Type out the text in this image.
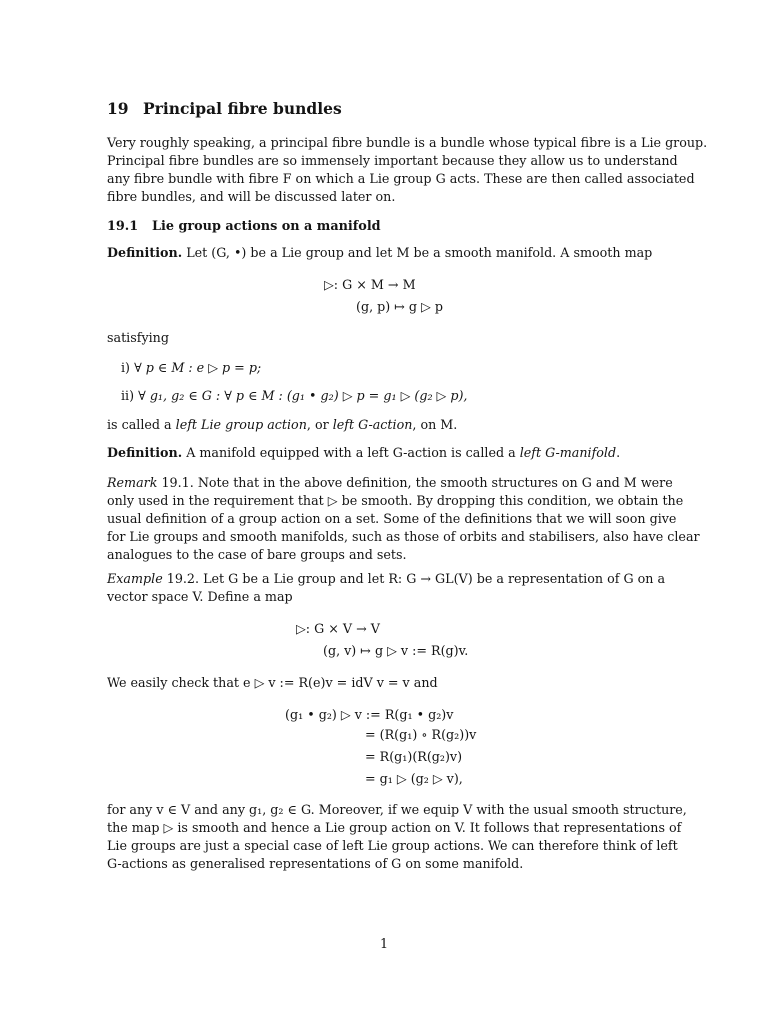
19 Principal fibre bundles
Very roughly speaking, a principal fibre bundle is a bundle whose typical fibre is a Lie group.
Principal fibre bundles are so immensely important because they allow us to understand
any fibre bundle with fibre F on which a Lie group G acts. These are then called associated
fibre bundles, and will be discussed later on.
19.1 Lie group actions on a manifold
Definition. Let (G, •) be a Lie group and let M be a smooth manifold. A smooth map
▷: G × M → M
(g, p) ↦ g ▷ p
satisfying
i) ∀ p ∈ M : e ▷ p = p;
ii) ∀ g₁, g₂ ∈ G : ∀ p ∈ M : (g₁ • g₂) ▷ p = g₁ ▷ (g₂ ▷ p),
is called a left Lie group action, or left G-action, on M.
Definition. A manifold equipped with a left G-action is called a left G-manifold.
Remark 19.1. Note that in the above definition, the smooth structures on G and M were
only used in the requirement that ▷ be smooth. By dropping this condition, we obtain the
usual definition of a group action on a set. Some of the definitions that we will soon give
for Lie groups and smooth manifolds, such as those of orbits and stabilisers, also have clear
analogues to the case of bare groups and sets.
Example 19.2. Let G be a Lie group and let R: G → GL(V) be a representation of G on a
vector space V. Define a map
▷: G × V → V
(g, v) ↦ g ▷ v := R(g)v.
We easily check that e ▷ v := R(e)v = idV v = v and
(g₁ • g₂) ▷ v := R(g₁ • g₂)v
= (R(g₁) ∘ R(g₂))v
= R(g₁)(R(g₂)v)
= g₁ ▷ (g₂ ▷ v),
for any v ∈ V and any g₁, g₂ ∈ G. Moreover, if we equip V with the usual smooth structure,
the map ▷ is smooth and hence a Lie group action on V. It follows that representations of
Lie groups are just a special case of left Lie group actions. We can therefore think of left
G-actions as generalised representations of G on some manifold.
1
